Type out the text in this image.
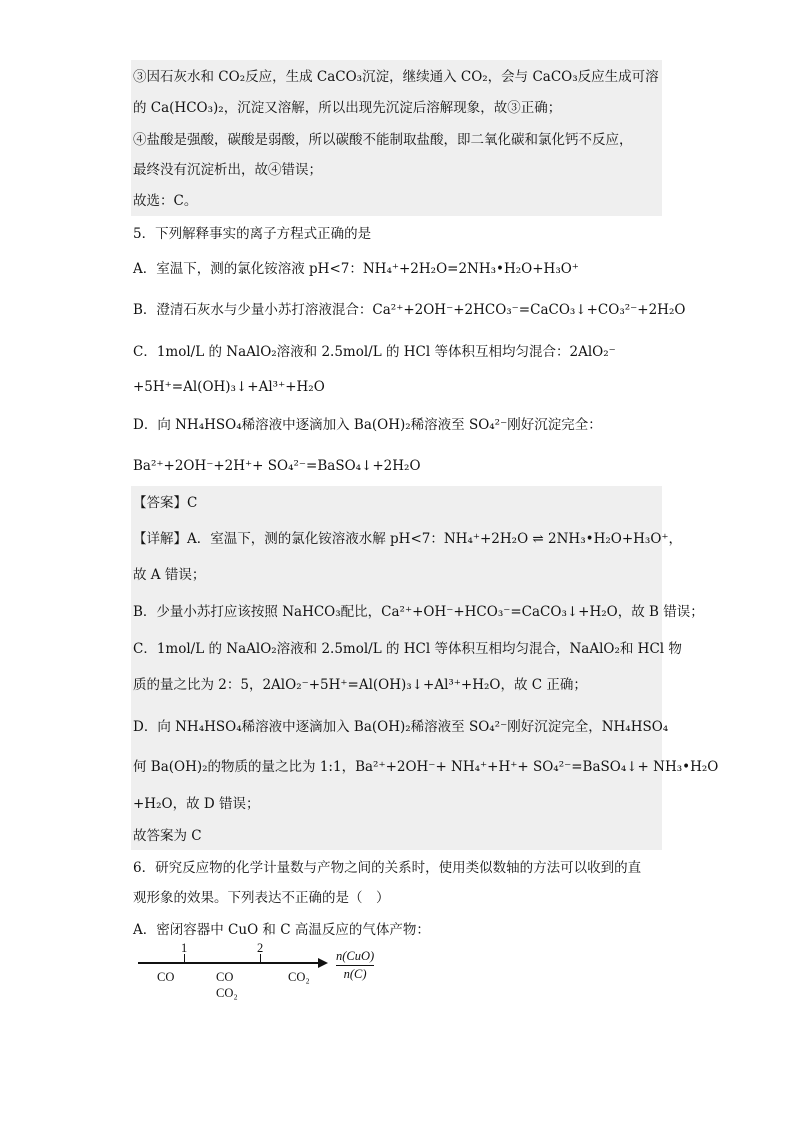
③因石灰水和 CO₂反应，生成 CaCO₃沉淀，继续通入 CO₂，会与 CaCO₃反应生成可溶
的 Ca(HCO₃)₂，沉淀又溶解，所以出现先沉淀后溶解现象，故③正确；
④盐酸是强酸，碳酸是弱酸，所以碳酸不能制取盐酸，即二氧化碳和氯化钙不反应，
最终没有沉淀析出，故④错误；
故选：C。
5．下列解释事实的离子方程式正确的是
A．室温下，测的氯化铵溶液 pH<7：NH₄⁺+2H₂O=2NH₃•H₂O+H₃O⁺
B．澄清石灰水与少量小苏打溶液混合：Ca²⁺+2OH⁻+2HCO₃⁻=CaCO₃↓+CO₃²⁻+2H₂O
C．1mol/L 的 NaAlO₂溶液和 2.5mol/L 的 HCl 等体积互相均匀混合：2AlO₂⁻
+5H⁺=Al(OH)₃↓+Al³⁺+H₂O
D．向 NH₄HSO₄稀溶液中逐滴加入 Ba(OH)₂稀溶液至 SO₄²⁻刚好沉淀完全：
Ba²⁺+2OH⁻+2H⁺+ SO₄²⁻=BaSO₄↓+2H₂O
【答案】C
【详解】A．室温下，测的氯化铵溶液水解 pH<7：NH₄⁺+2H₂O ⇌ 2NH₃•H₂O+H₃O⁺，
故 A 错误；
B．少量小苏打应该按照 NaHCO₃配比，Ca²⁺+OH⁻+HCO₃⁻=CaCO₃↓+H₂O，故 B 错误；
C．1mol/L 的 NaAlO₂溶液和 2.5mol/L 的 HCl 等体积互相均匀混合，NaAlO₂和 HCl 物
质的量之比为 2：5，2AlO₂⁻+5H⁺=Al(OH)₃↓+Al³⁺+H₂O，故 C 正确；
D．向 NH₄HSO₄稀溶液中逐滴加入 Ba(OH)₂稀溶液至 SO₄²⁻刚好沉淀完全，NH₄HSO₄
何 Ba(OH)₂的物质的量之比为 1:1，Ba²⁺+2OH⁻+ NH₄⁺+H⁺+ SO₄²⁻=BaSO₄↓+ NH₃•H₂O
+H₂O，故 D 错误；
故答案为 C
6．研究反应物的化学计量数与产物之间的关系时，使用类似数轴的方法可以收到的直
观形象的效果。下列表达不正确的是（　）
A．密闭容器中 CuO 和 C 高温反应的气体产物：
1	2
CO	CO
CO₂
CO₂
n(CuO)
n(C)
